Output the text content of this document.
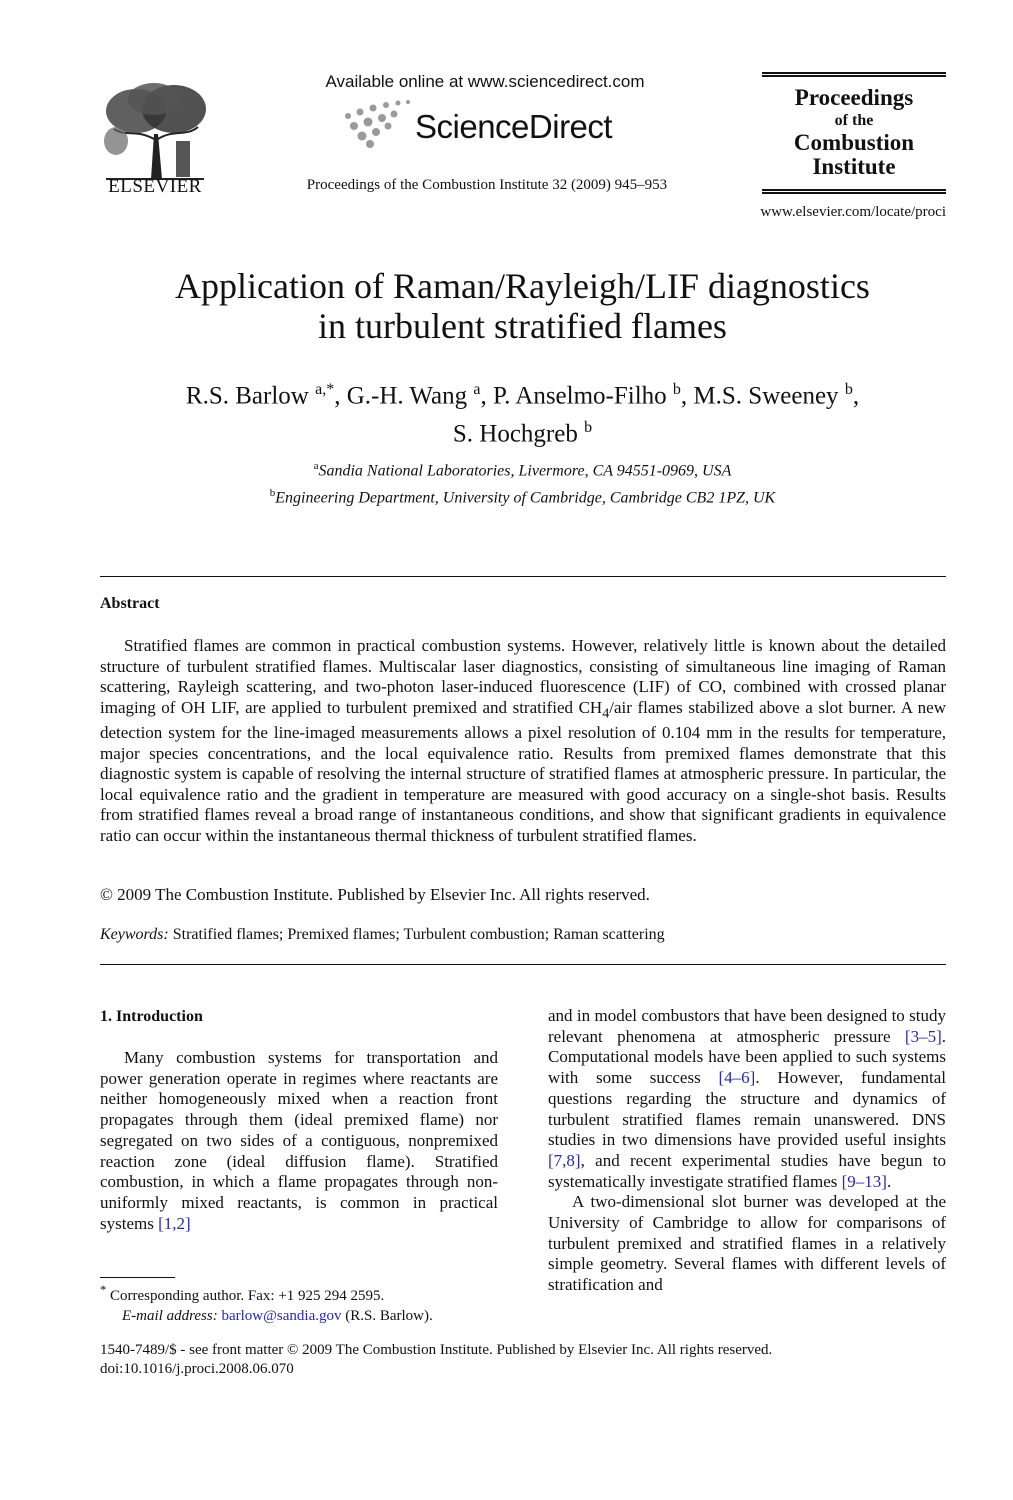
ELSEVIER
Available online at www.sciencedirect.com
ScienceDirect
Proceedings of the Combustion Institute 32 (2009) 945–953
Proceedings
of the
Combustion
Institute
www.elsevier.com/locate/proci
Application of Raman/Rayleigh/LIF diagnostics
in turbulent stratified flames
R.S. Barlow $^{a,*}$, G.-H. Wang $^a$, P. Anselmo-Filho $^b$, M.S. Sweeney $^b$,
S. Hochgreb $^b$
$^a$Sandia National Laboratories, Livermore, CA 94551-0969, USA
$^b$Engineering Department, University of Cambridge, Cambridge CB2 1PZ, UK
Abstract
Stratified flames are common in practical combustion systems. However, relatively little is known about the detailed structure of turbulent stratified flames. Multiscalar laser diagnostics, consisting of simultaneous line imaging of Raman scattering, Rayleigh scattering, and two-photon laser-induced fluorescence (LIF) of CO, combined with crossed planar imaging of OH LIF, are applied to turbulent premixed and stratified $CH_4$/air flames stabilized above a slot burner. A new detection system for the line-imaged measurements allows a pixel resolution of 0.104 mm in the results for temperature, major species concentrations, and the local equivalence ratio. Results from premixed flames demonstrate that this diagnostic system is capable of resolving the internal structure of stratified flames at atmospheric pressure. In particular, the local equivalence ratio and the gradient in temperature are measured with good accuracy on a single-shot basis. Results from stratified flames reveal a broad range of instantaneous conditions, and show that significant gradients in equivalence ratio can occur within the instantaneous thermal thickness of turbulent stratified flames.
© 2009 The Combustion Institute. Published by Elsevier Inc. All rights reserved.
Keywords: Stratified flames; Premixed flames; Turbulent combustion; Raman scattering
1. Introduction
Many combustion systems for transportation and power generation operate in regimes where reactants are neither homogeneously mixed when a reaction front propagates through them (ideal premixed flame) nor segregated on two sides of a contiguous, nonpremixed reaction zone (ideal diffusion flame). Stratified combustion, in which a flame propagates through non-uniformly mixed reactants, is common in practical systems [1,2]

and in model combustors that have been designed to study relevant phenomena at atmospheric pressure [3–5]. Computational models have been applied to such systems with some success [4–6]. However, fundamental questions regarding the structure and dynamics of turbulent stratified flames remain unanswered. DNS studies in two dimensions have provided useful insights [7,8], and recent experimental studies have begun to systematically investigate stratified flames [9–13].

A two-dimensional slot burner was developed at the University of Cambridge to allow for comparisons of turbulent premixed and stratified flames in a relatively simple geometry. Several flames with different levels of stratification and

* Corresponding author. Fax: +1 925 294 2595.
E-mail address: barlow@sandia.gov (R.S. Barlow).
1540-7489/$ - see front matter © 2009 The Combustion Institute. Published by Elsevier Inc. All rights reserved.
doi:10.1016/j.proci.2008.06.070
